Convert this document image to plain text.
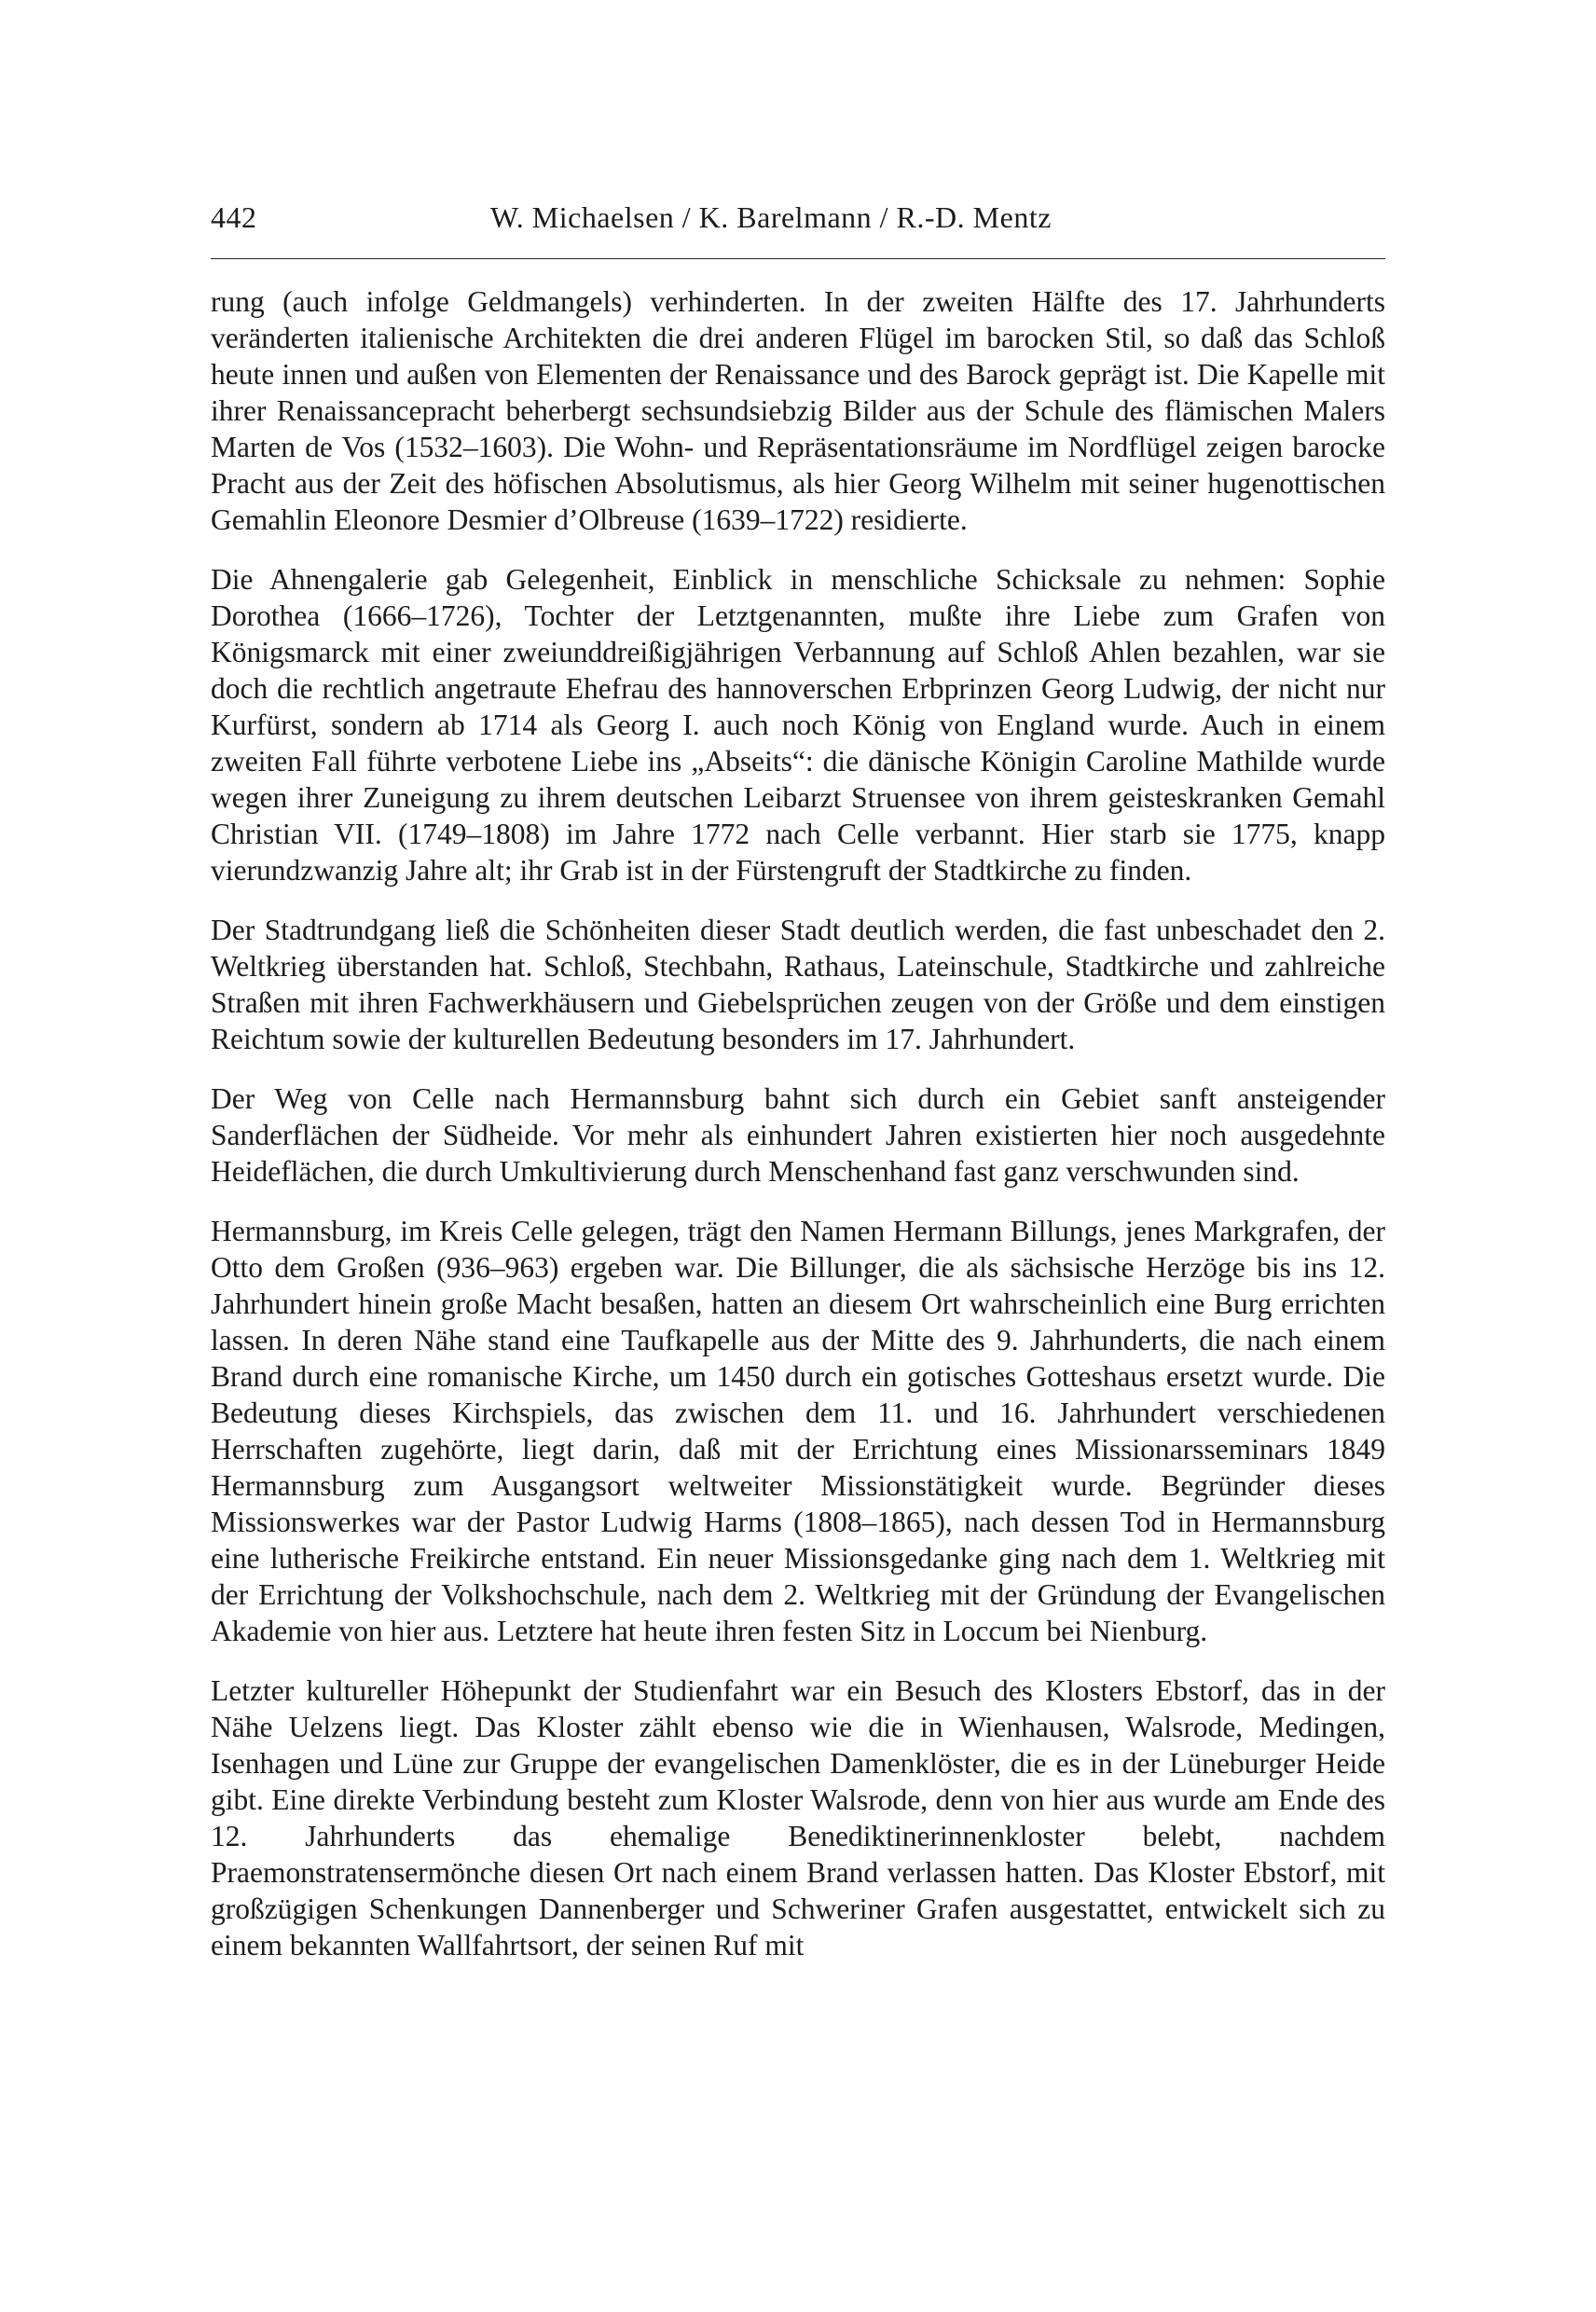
442	W. Michaelsen / K. Barelmann / R.-D. Mentz

rung (auch infolge Geldmangels) verhinderten. In der zweiten Hälfte des 17. Jahrhunderts veränderten italienische Architekten die drei anderen Flügel im barocken Stil, so daß das Schloß heute innen und außen von Elementen der Renaissance und des Barock geprägt ist. Die Kapelle mit ihrer Renaissancepracht beherbergt sechsundsiebzig Bilder aus der Schule des flämischen Malers Marten de Vos (1532–1603). Die Wohn- und Repräsentationsräume im Nordflügel zeigen barocke Pracht aus der Zeit des höfischen Absolutismus, als hier Georg Wilhelm mit seiner hugenottischen Gemahlin Eleonore Desmier d’Olbreuse (1639–1722) residierte.

Die Ahnengalerie gab Gelegenheit, Einblick in menschliche Schicksale zu nehmen: Sophie Dorothea (1666–1726), Tochter der Letztgenannten, mußte ihre Liebe zum Grafen von Königsmarck mit einer zweiunddreißigjährigen Verbannung auf Schloß Ahlen bezahlen, war sie doch die rechtlich angetraute Ehefrau des hannoverschen Erbprinzen Georg Ludwig, der nicht nur Kurfürst, sondern ab 1714 als Georg I. auch noch König von England wurde. Auch in einem zweiten Fall führte verbotene Liebe ins „Abseits“: die dänische Königin Caroline Mathilde wurde wegen ihrer Zuneigung zu ihrem deutschen Leibarzt Struensee von ihrem geisteskranken Gemahl Christian VII. (1749–1808) im Jahre 1772 nach Celle verbannt. Hier starb sie 1775, knapp vierundzwanzig Jahre alt; ihr Grab ist in der Fürstengruft der Stadtkirche zu finden.

Der Stadtrundgang ließ die Schönheiten dieser Stadt deutlich werden, die fast unbeschadet den 2. Weltkrieg überstanden hat. Schloß, Stechbahn, Rathaus, Lateinschule, Stadtkirche und zahlreiche Straßen mit ihren Fachwerkhäusern und Giebelsprüchen zeugen von der Größe und dem einstigen Reichtum sowie der kulturellen Bedeutung besonders im 17. Jahrhundert.

Der Weg von Celle nach Hermannsburg bahnt sich durch ein Gebiet sanft ansteigender Sanderflächen der Südheide. Vor mehr als einhundert Jahren existierten hier noch ausgedehnte Heideflächen, die durch Umkultivierung durch Menschenhand fast ganz verschwunden sind.

Hermannsburg, im Kreis Celle gelegen, trägt den Namen Hermann Billungs, jenes Markgrafen, der Otto dem Großen (936–963) ergeben war. Die Billunger, die als sächsische Herzöge bis ins 12. Jahrhundert hinein große Macht besaßen, hatten an diesem Ort wahrscheinlich eine Burg errichten lassen. In deren Nähe stand eine Taufkapelle aus der Mitte des 9. Jahrhunderts, die nach einem Brand durch eine romanische Kirche, um 1450 durch ein gotisches Gotteshaus ersetzt wurde. Die Bedeutung dieses Kirchspiels, das zwischen dem 11. und 16. Jahrhundert verschiedenen Herrschaften zugehörte, liegt darin, daß mit der Errichtung eines Missionarsseminars 1849 Hermannsburg zum Ausgangsort weltweiter Missionstätigkeit wurde. Begründer dieses Missionswerkes war der Pastor Ludwig Harms (1808–1865), nach dessen Tod in Hermannsburg eine lutherische Freikirche entstand. Ein neuer Missionsgedanke ging nach dem 1. Weltkrieg mit der Errichtung der Volkshochschule, nach dem 2. Weltkrieg mit der Gründung der Evangelischen Akademie von hier aus. Letztere hat heute ihren festen Sitz in Loccum bei Nienburg.

Letzter kultureller Höhepunkt der Studienfahrt war ein Besuch des Klosters Ebstorf, das in der Nähe Uelzens liegt. Das Kloster zählt ebenso wie die in Wienhausen, Walsrode, Medingen, Isenhagen und Lüne zur Gruppe der evangelischen Damenklöster, die es in der Lüneburger Heide gibt. Eine direkte Verbindung besteht zum Kloster Walsrode, denn von hier aus wurde am Ende des 12. Jahrhunderts das ehemalige Benediktinerinnenkloster belebt, nachdem Praemonstratensermönche diesen Ort nach einem Brand verlassen hatten. Das Kloster Ebstorf, mit großzügigen Schenkungen Dannenberger und Schweriner Grafen ausgestattet, entwickelt sich zu einem bekannten Wallfahrtsort, der seinen Ruf mit
